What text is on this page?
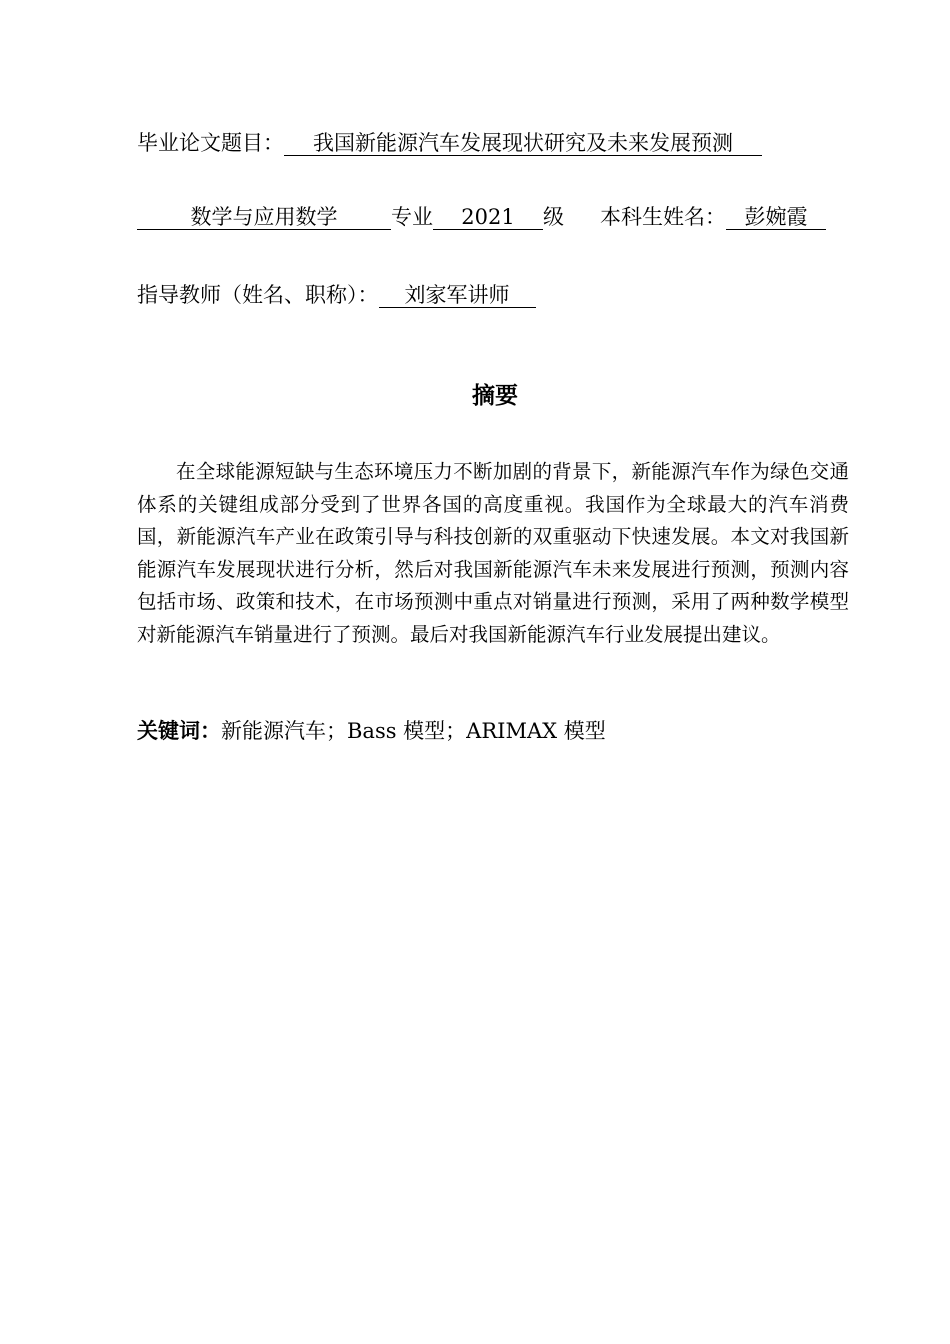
毕业论文题目： 我国新能源汽车发展现状研究及未来发展预测
数学与应用数学	专业 2021 级 本科生姓名： 彭婉霞
指导教师（姓名、职称）： 刘家军讲师
摘要

在全球能源短缺与生态环境压力不断加剧的背景下，新能源汽车作为绿色交通体系的关键组成部分受到了世界各国的高度重视。我国作为全球最大的汽车消费国，新能源汽车产业在政策引导与科技创新的双重驱动下快速发展。本文对我国新能源汽车发展现状进行分析，然后对我国新能源汽车未来发展进行预测，预测内容包括市场、政策和技术，在市场预测中重点对销量进行预测，采用了两种数学模型对新能源汽车销量进行了预测。最后对我国新能源汽车行业发展提出建议。

关键词：新能源汽车；Bass 模型；ARIMAX 模型
